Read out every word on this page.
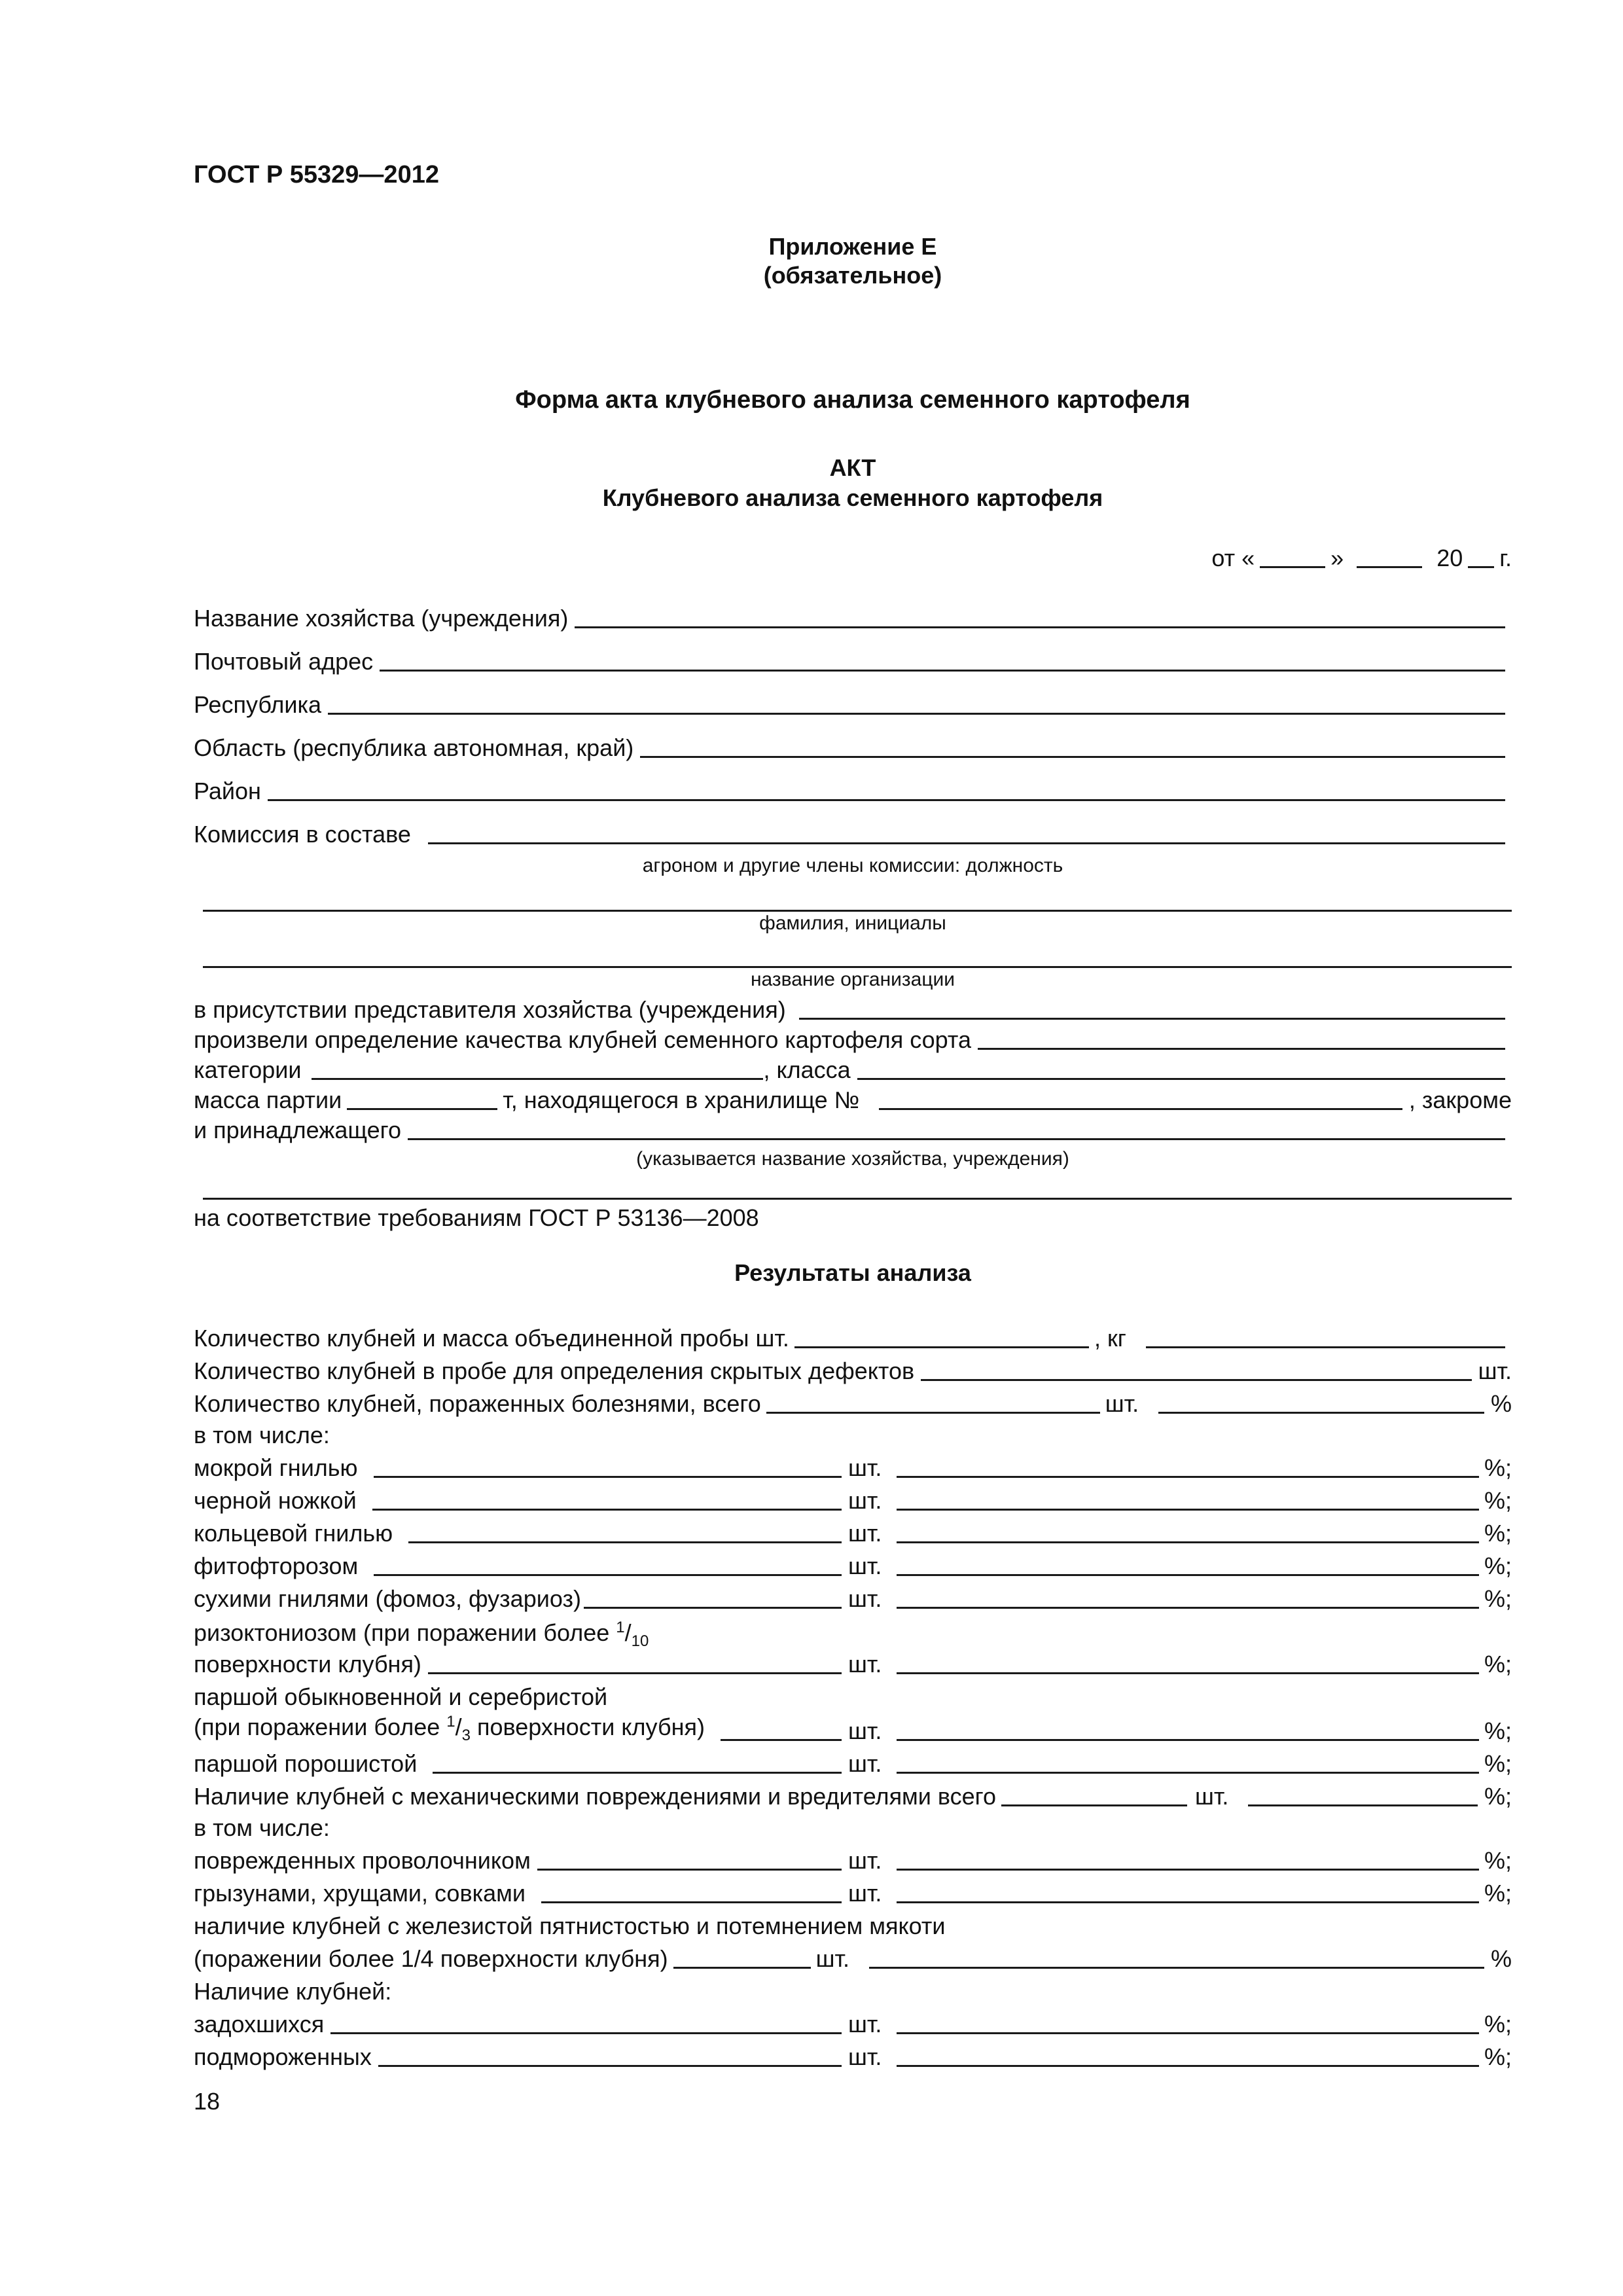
ГОСТ Р 55329—2012
Приложение Е
(обязательное)
Форма акта клубневого анализа семенного картофеля
АКТ
Клубневого анализа семенного картофеля
от «	»	20 г.
Название хозяйства (учреждения)
Почтовый адрес
Республика
Область (республика автономная, край)
Район
Комиссия в составе
агроном и другие члены комиссии: должность
фамилия, инициалы
название организации
в присутствии представителя хозяйства (учреждения)
произвели определение качества клубней семенного картофеля сорта
категории	, класса
масса партии	т, находящегося в хранилище №	, закроме
и принадлежащего
(указывается название хозяйства, учреждения)
на соответствие требованиям ГОСТ Р 53136—2008
Результаты анализа
Количество клубней и масса объединенной пробы шт.	, кг
Количество клубней в пробе для определения скрытых дефектов	шт.
Количество клубней, пораженных болезнями, всего	шт.	%
в том числе:
мокрой гнилью	шт.	%;
черной ножкой	шт.	%;
кольцевой гнилью	шт.	%;
фитофторозом	шт.	%;
сухими гнилями (фомоз, фузариоз)	шт.	%;
ризоктониозом (при поражении более $^1/_{10}$
поверхности клубня)	шт.	%;
паршой обыкновенной и серебристой
(при поражении более $^1/_3$ поверхности клубня)	шт.	%;
паршой порошистой	шт.	%;
Наличие клубней с механическими повреждениями и вредителями всего	шт.	%;
в том числе:
поврежденных проволочником	шт.	%;
грызунами, хрущами, совками	шт.	%;
наличие клубней с железистой пятнистостью и потемнением мякоти
(поражении более 1/4 поверхности клубня)	шт.	%
Наличие клубней:
задохшихся	шт.	%;
подмороженных	шт.	%;
18
